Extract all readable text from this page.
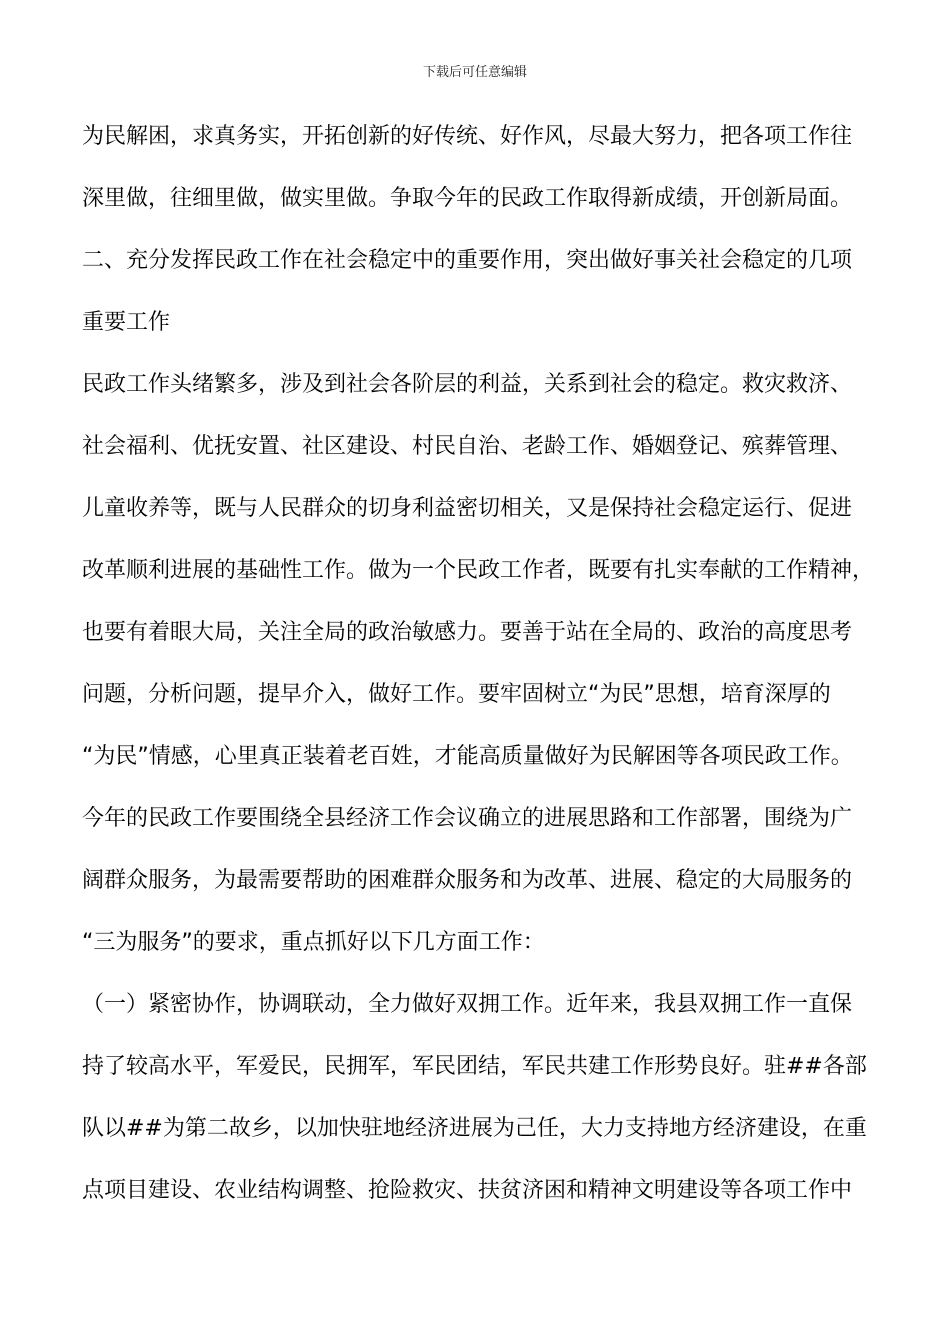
下载后可任意编辑
为民解困，求真务实，开拓创新的好传统、好作风，尽最大努力，把各项工作往
深里做，往细里做，做实里做。争取今年的民政工作取得新成绩，开创新局面。
二、充分发挥民政工作在社会稳定中的重要作用，突出做好事关社会稳定的几项
重要工作
民政工作头绪繁多，涉及到社会各阶层的利益，关系到社会的稳定。救灾救济、
社会福利、优抚安置、社区建设、村民自治、老龄工作、婚姻登记、殡葬管理、
儿童收养等，既与人民群众的切身利益密切相关，又是保持社会稳定运行、促进
改革顺利进展的基础性工作。做为一个民政工作者，既要有扎实奉献的工作精神，
也要有着眼大局，关注全局的政治敏感力。要善于站在全局的、政治的高度思考
问题，分析问题，提早介入，做好工作。要牢固树立“为民”思想，培育深厚的
“为民”情感，心里真正装着老百姓，才能高质量做好为民解困等各项民政工作。
今年的民政工作要围绕全县经济工作会议确立的进展思路和工作部署，围绕为广
阔群众服务，为最需要帮助的困难群众服务和为改革、进展、稳定的大局服务的
“三为服务”的要求，重点抓好以下几方面工作：
（一）紧密协作，协调联动，全力做好双拥工作。近年来，我县双拥工作一直保
持了较高水平，军爱民，民拥军，军民团结，军民共建工作形势良好。驻##各部
队以##为第二故乡，以加快驻地经济进展为己任，大力支持地方经济建设，在重
点项目建设、农业结构调整、抢险救灾、扶贫济困和精神文明建设等各项工作中
